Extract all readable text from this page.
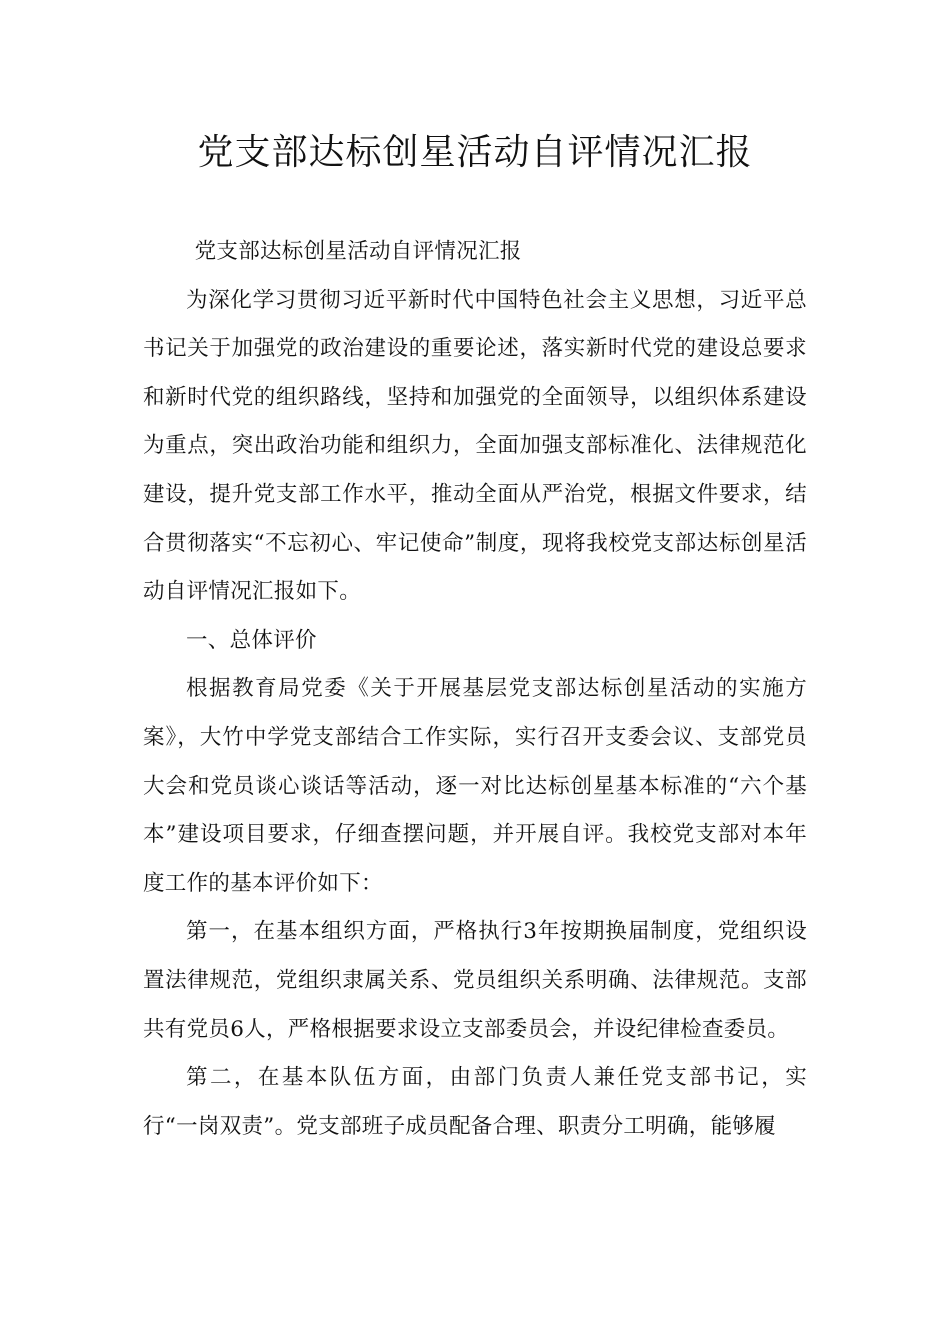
党支部达标创星活动自评情况汇报

党支部达标创星活动自评情况汇报

为深化学习贯彻习近平新时代中国特色社会主义思想，习近平总书记关于加强党的政治建设的重要论述，落实新时代党的建设总要求和新时代党的组织路线，坚持和加强党的全面领导，以组织体系建设为重点，突出政治功能和组织力，全面加强支部标准化、法律规范化建设，提升党支部工作水平，推动全面从严治党，根据文件要求，结合贯彻落实“不忘初心、牢记使命”制度，现将我校党支部达标创星活动自评情况汇报如下。

一、总体评价

根据教育局党委《关于开展基层党支部达标创星活动的实施方案》，大竹中学党支部结合工作实际，实行召开支委会议、支部党员大会和党员谈心谈话等活动，逐一对比达标创星基本标准的“六个基本”建设项目要求，仔细查摆问题，并开展自评。我校党支部对本年度工作的基本评价如下：

第一，在基本组织方面，严格执行3年按期换届制度，党组织设置法律规范，党组织隶属关系、党员组织关系明确、法律规范。支部共有党员6人，严格根据要求设立支部委员会，并设纪律检查委员。

第二，在基本队伍方面，由部门负责人兼任党支部书记，实行“一岗双责”。党支部班子成员配备合理、职责分工明确，能够履
